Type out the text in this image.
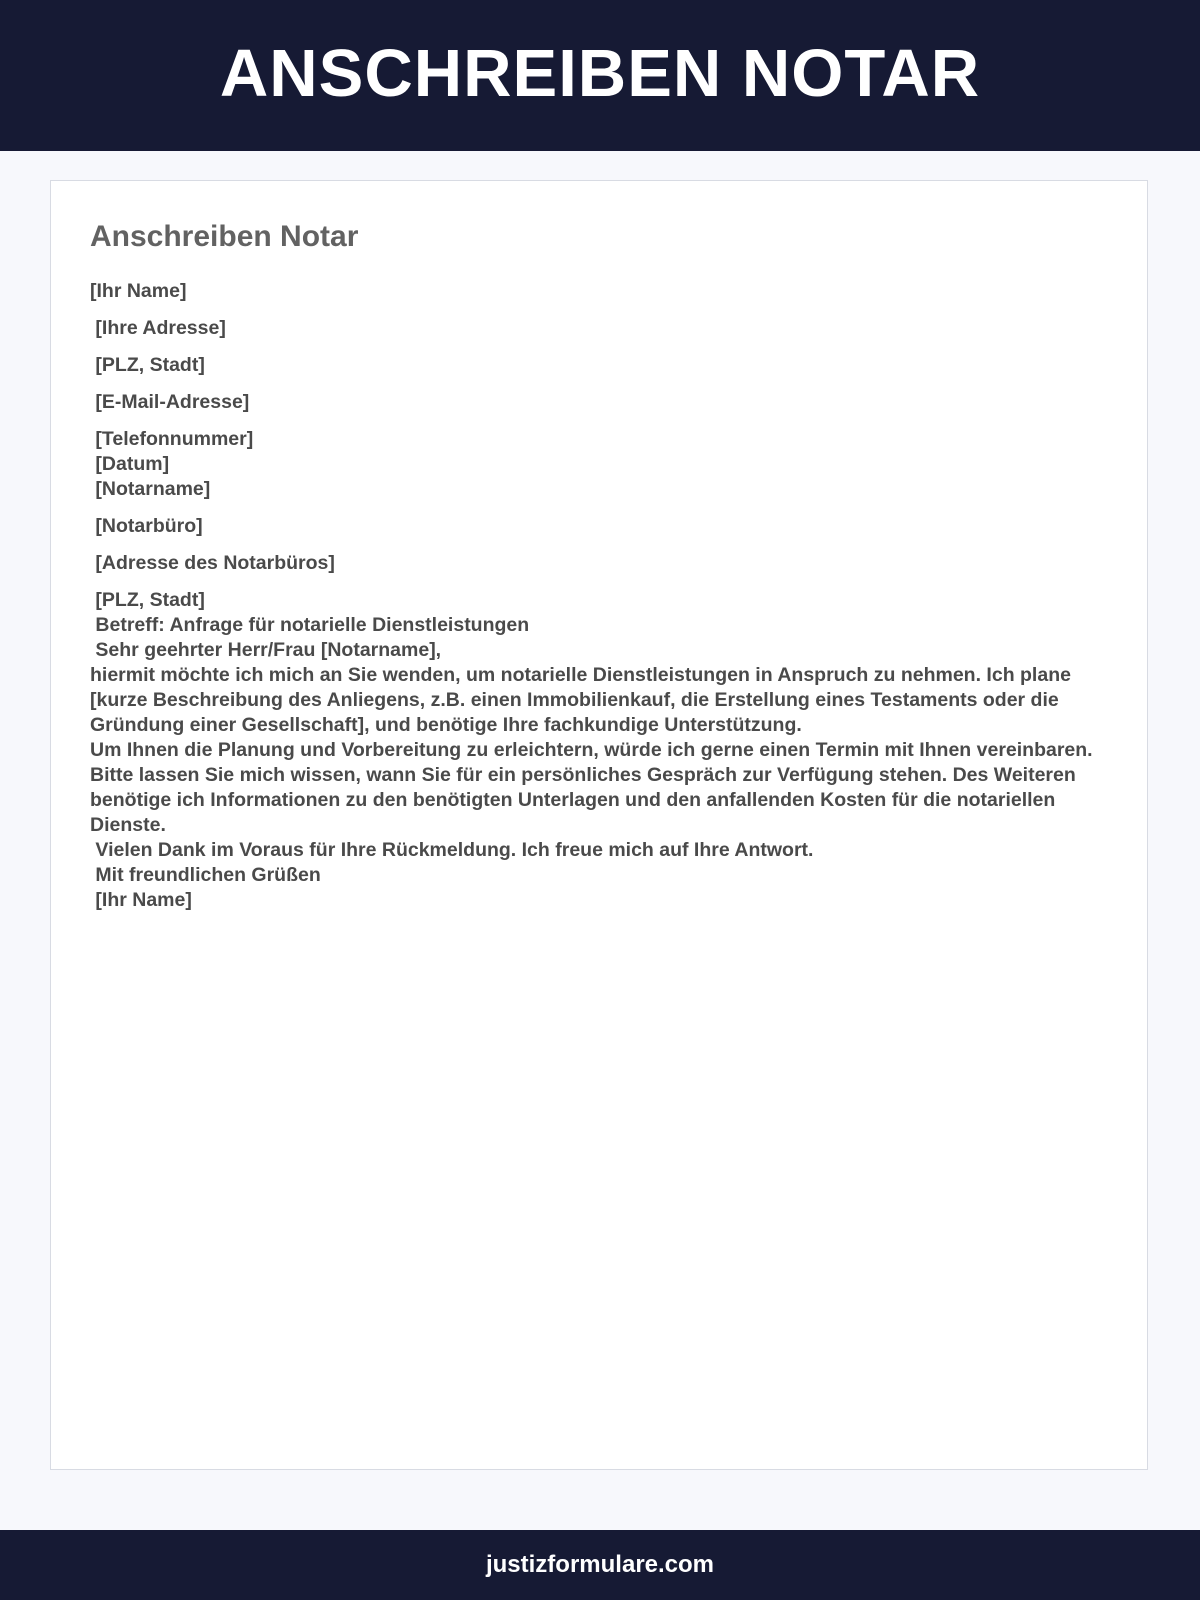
ANSCHREIBEN NOTAR
Anschreiben Notar
[Ihr Name]
[Ihre Adresse]
[PLZ, Stadt]
[E-Mail-Adresse]
[Telefonnummer]
[Datum]
[Notarname]
[Notarbüro]
[Adresse des Notarbüros]
[PLZ, Stadt]
Betreff: Anfrage für notarielle Dienstleistungen
Sehr geehrter Herr/Frau [Notarname],
hiermit möchte ich mich an Sie wenden, um notarielle Dienstleistungen in Anspruch zu nehmen. Ich plane [kurze Beschreibung des Anliegens, z.B. einen Immobilienkauf, die Erstellung eines Testaments oder die Gründung einer Gesellschaft], und benötige Ihre fachkundige Unterstützung.
Um Ihnen die Planung und Vorbereitung zu erleichtern, würde ich gerne einen Termin mit Ihnen vereinbaren. Bitte lassen Sie mich wissen, wann Sie für ein persönliches Gespräch zur Verfügung stehen. Des Weiteren benötige ich Informationen zu den benötigten Unterlagen und den anfallenden Kosten für die notariellen Dienste.
Vielen Dank im Voraus für Ihre Rückmeldung. Ich freue mich auf Ihre Antwort.
Mit freundlichen Grüßen
[Ihr Name]
justizformulare.com
